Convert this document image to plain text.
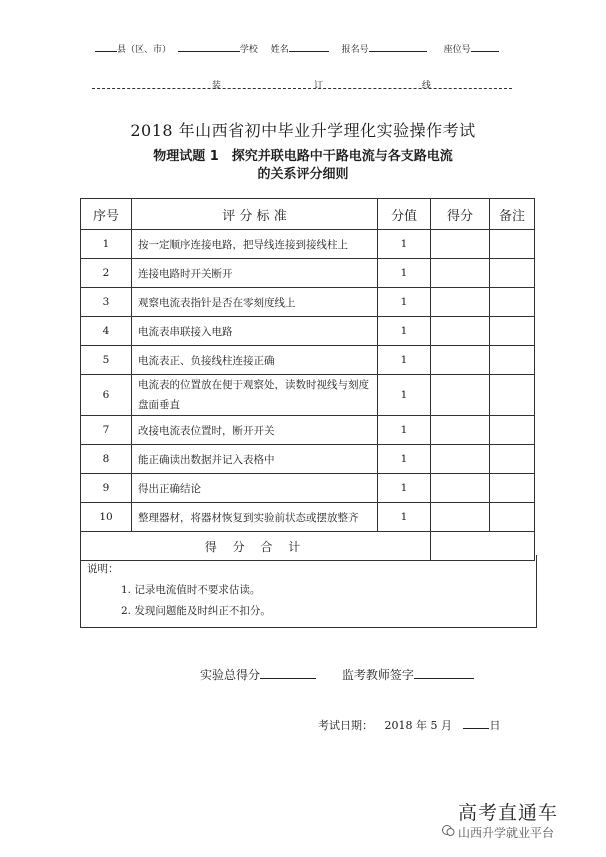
县（区、市）	学校 姓名	报名号	座位号
装	订	线
2018 年山西省初中毕业升学理化实验操作考试
物理试题 1　探究并联电路中干路电流与各支路电流
的关系评分细则
序号	评 分 标 准	分值	得分	备注
1	按一定顺序连接电路，把导线连接到接线柱上	1		
2	连接电路时开关断开	1		
3	观察电流表指针是否在零刻度线上	1		
4	电流表串联接入电路	1		
5	电流表正、负接线柱连接正确	1		
6	电流表的位置放在便于观察处，读数时视线与刻度盘面垂直	1		
7	改接电流表位置时，断开开关	1		
8	能正确读出数据并记入表格中	1		
9	得出正确结论	1		
10	整理器材，将器材恢复到实验前状态或摆放整齐	1		
得 分 合 计				
说明：
1. 记录电流值时不要求估读。
2. 发现问题能及时纠正不扣分。
实验总得分	监考教师签字
考试日期： 2018 年 5 月	日
高考直通车
山西升学就业平台
